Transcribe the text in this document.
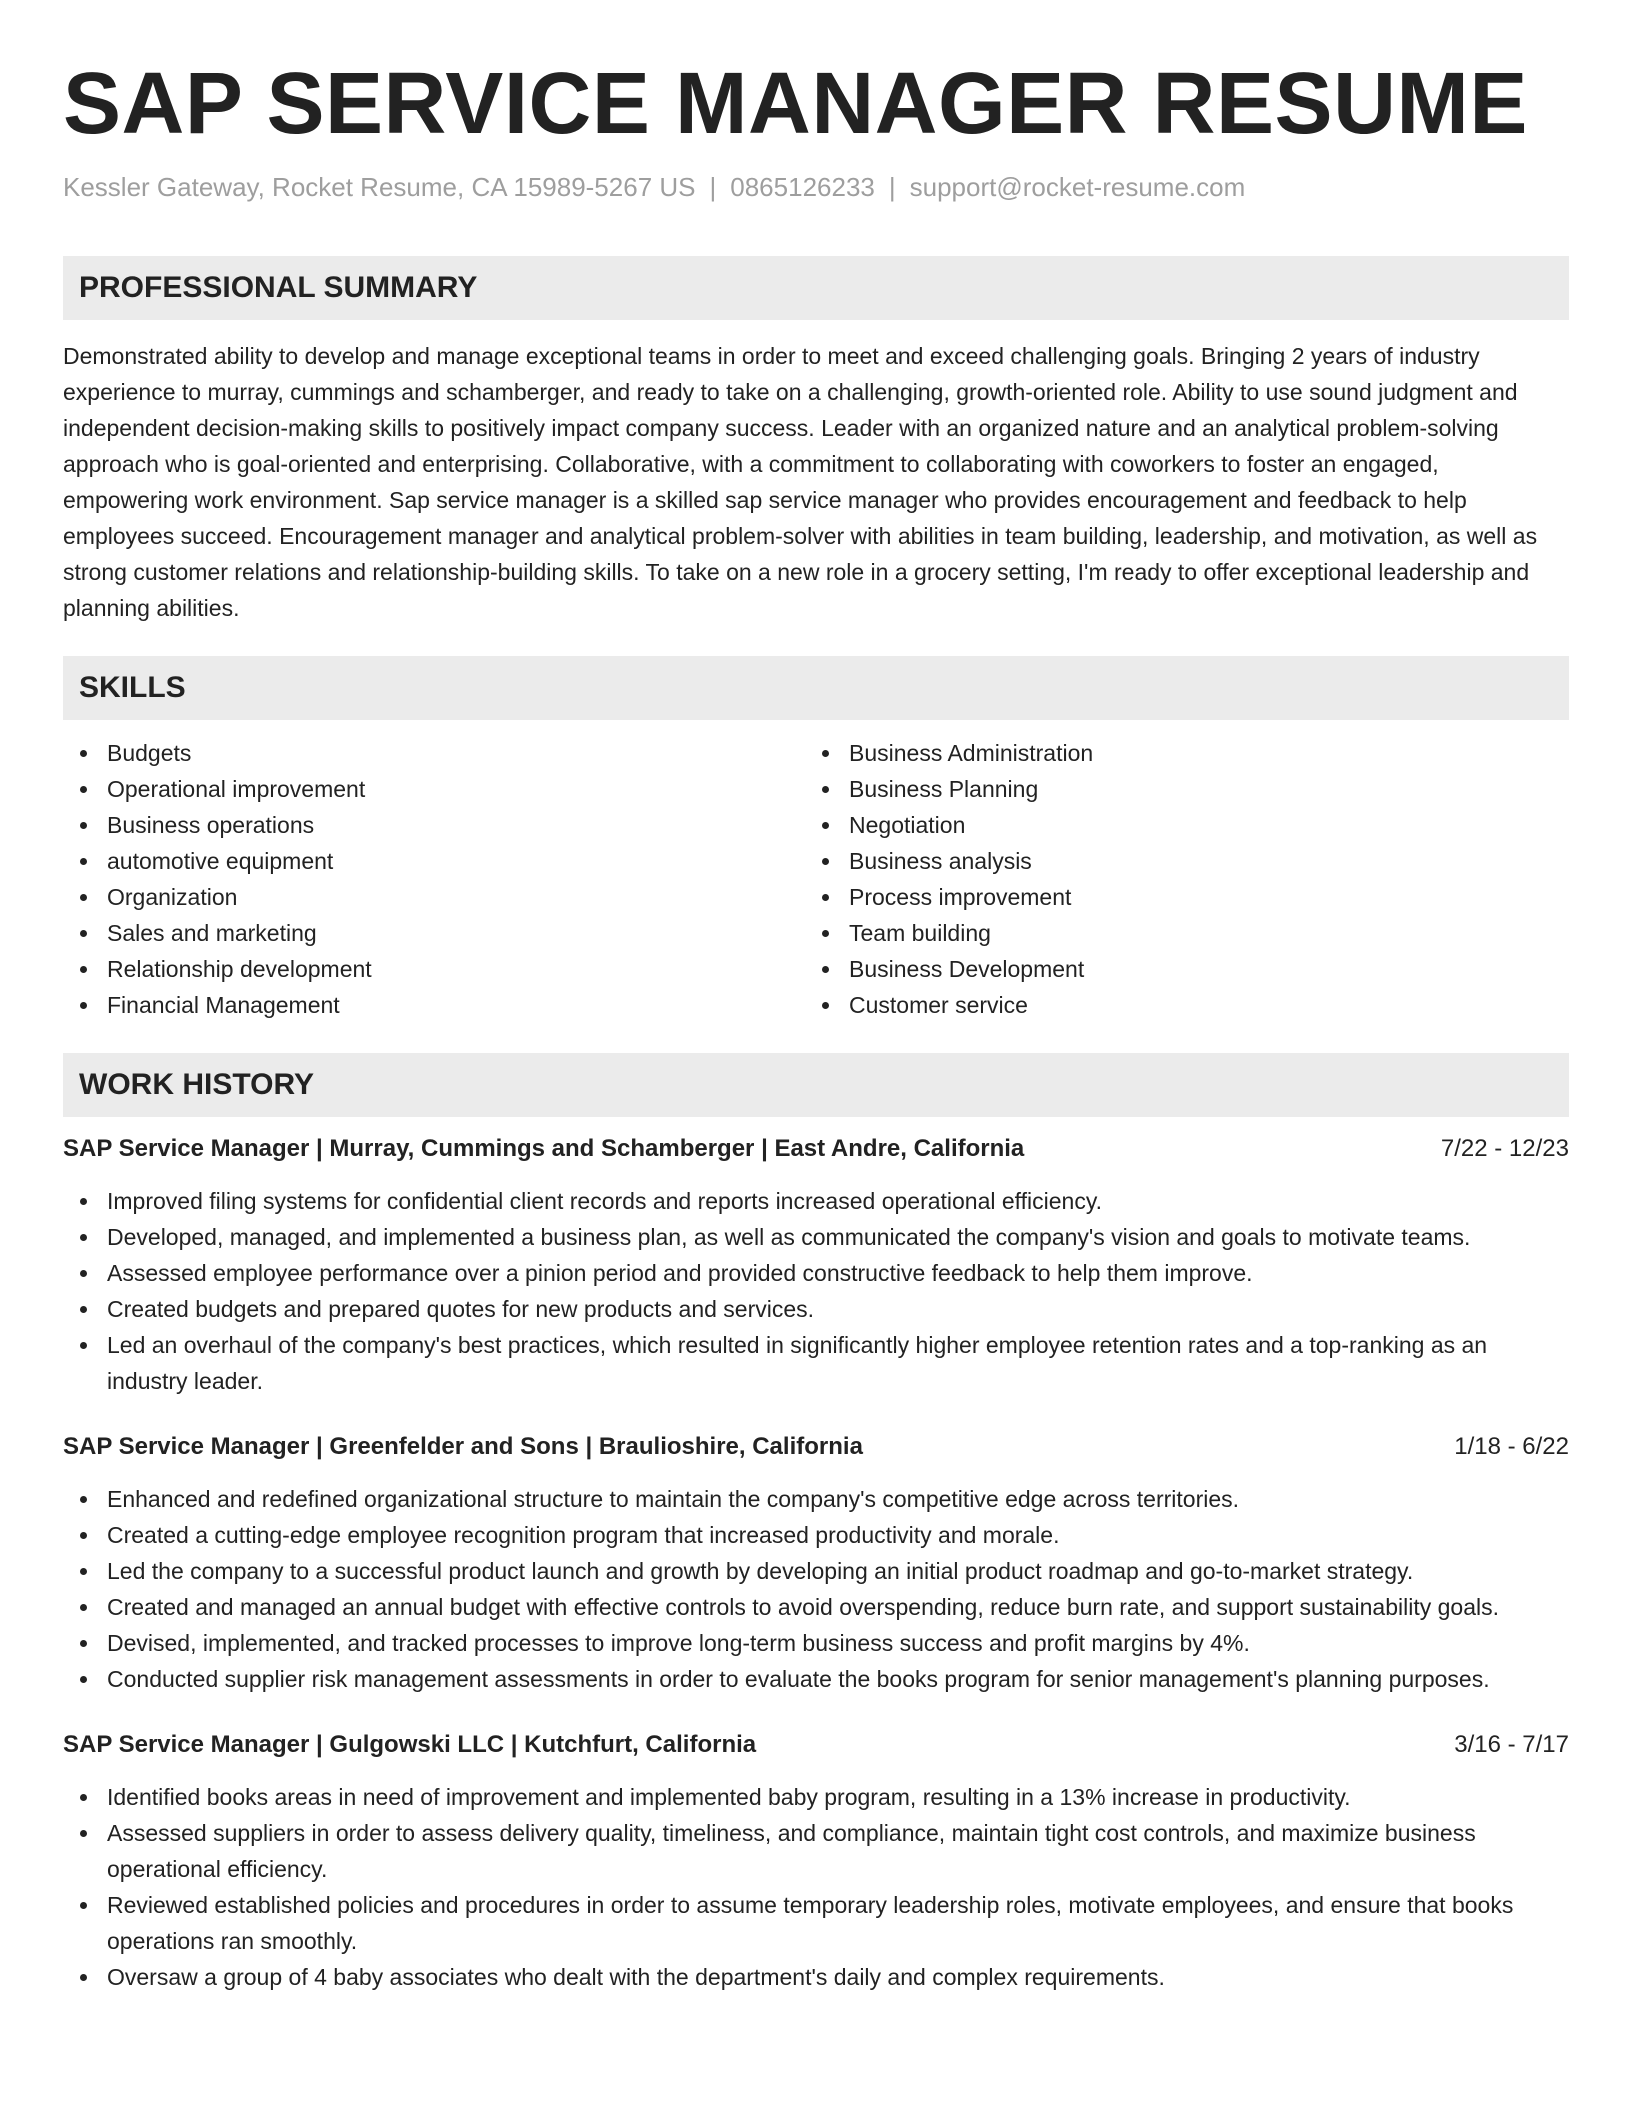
SAP SERVICE MANAGER RESUME
Kessler Gateway, Rocket Resume, CA 15989-5267 US | 0865126233 | support@rocket-resume.com
PROFESSIONAL SUMMARY

Demonstrated ability to develop and manage exceptional teams in order to meet and exceed challenging goals. Bringing 2 years of industry experience to murray, cummings and schamberger, and ready to take on a challenging, growth-oriented role. Ability to use sound judgment and independent decision-making skills to positively impact company success. Leader with an organized nature and an analytical problem-solving approach who is goal-oriented and enterprising. Collaborative, with a commitment to collaborating with coworkers to foster an engaged, empowering work environment. Sap service manager is a skilled sap service manager who provides encouragement and feedback to help employees succeed. Encouragement manager and analytical problem-solver with abilities in team building, leadership, and motivation, as well as strong customer relations and relationship-building skills. To take on a new role in a grocery setting, I'm ready to offer exceptional leadership and planning abilities.

SKILLS
Budgets
Operational improvement
Business operations
automotive equipment
Organization
Sales and marketing
Relationship development
Financial Management
Business Administration
Business Planning
Negotiation
Business analysis
Process improvement
Team building
Business Development
Customer service
WORK HISTORY
SAP Service Manager | Murray, Cummings and Schamberger | East Andre, California	7/22 - 12/23
Improved filing systems for confidential client records and reports increased operational efficiency.
Developed, managed, and implemented a business plan, as well as communicated the company's vision and goals to motivate teams.
Assessed employee performance over a pinion period and provided constructive feedback to help them improve.
Created budgets and prepared quotes for new products and services.
Led an overhaul of the company's best practices, which resulted in significantly higher employee retention rates and a top-ranking as an industry leader.
SAP Service Manager | Greenfelder and Sons | Braulioshire, California	1/18 - 6/22
Enhanced and redefined organizational structure to maintain the company's competitive edge across territories.
Created a cutting-edge employee recognition program that increased productivity and morale.
Led the company to a successful product launch and growth by developing an initial product roadmap and go-to-market strategy.
Created and managed an annual budget with effective controls to avoid overspending, reduce burn rate, and support sustainability goals.
Devised, implemented, and tracked processes to improve long-term business success and profit margins by 4%.
Conducted supplier risk management assessments in order to evaluate the books program for senior management's planning purposes.
SAP Service Manager | Gulgowski LLC | Kutchfurt, California	3/16 - 7/17
Identified books areas in need of improvement and implemented baby program, resulting in a 13% increase in productivity.
Assessed suppliers in order to assess delivery quality, timeliness, and compliance, maintain tight cost controls, and maximize business operational efficiency.
Reviewed established policies and procedures in order to assume temporary leadership roles, motivate employees, and ensure that books operations ran smoothly.
Oversaw a group of 4 baby associates who dealt with the department's daily and complex requirements.
